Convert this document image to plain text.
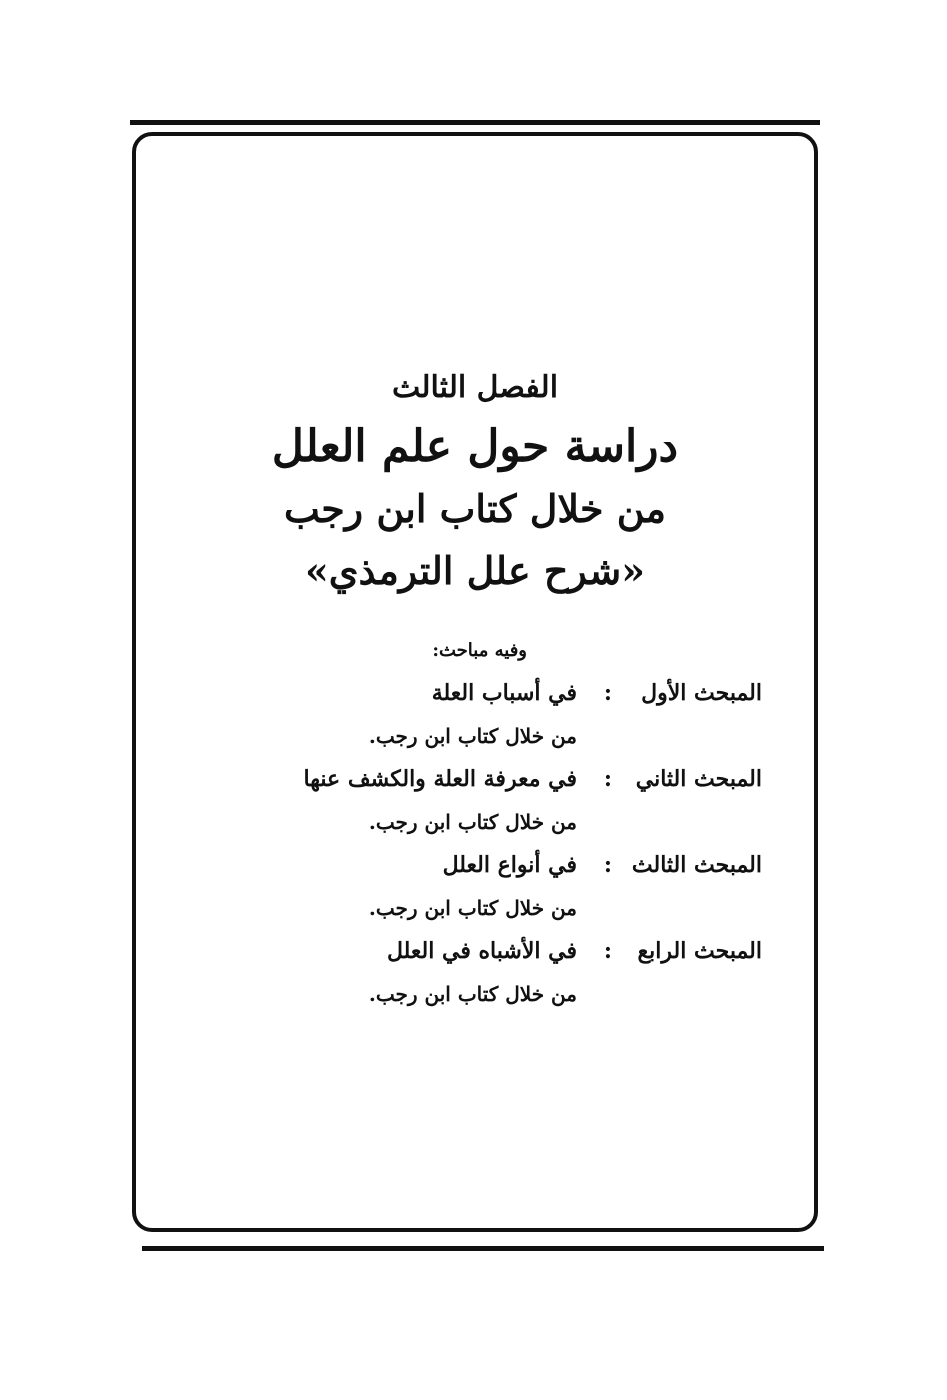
الفصل الثالث

دراسة حول علم العلل

من خلال كتاب ابن رجب

«شرح علل الترمذي»

وفيه مباحث:
المبحث الأول
:
في أسباب العلة
من خلال كتاب ابن رجب.
المبحث الثاني
:
في معرفة العلة والكشف عنها
من خلال كتاب ابن رجب.
المبحث الثالث
:
في أنواع العلل
من خلال كتاب ابن رجب.
المبحث الرابع
:
في الأشباه في العلل
من خلال كتاب ابن رجب.
